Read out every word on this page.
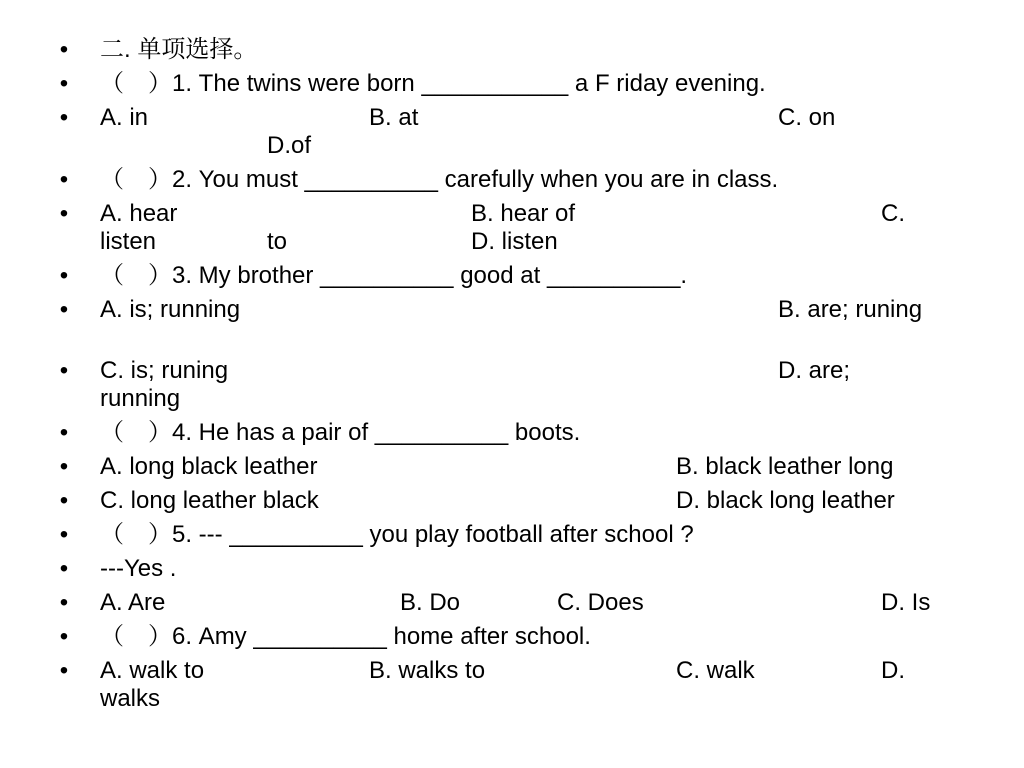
• 二. 单项选择。
• （　）1. The twins were born ___________ a F riday evening.
• A. in	B. at	C. on
D.of
• （　）2. You must __________ carefully when you are in class.
• A. hear	B. hear of	C.
listen	to	D. listen
• （　）3. My brother __________ good at __________.
• A. is; running	B. are; runing
• C. is; runing	D. are;
running
• （　）4. He has a pair of __________ boots.
• A. long black leather	B. black leather long
• C. long leather black	D. black long leather
• （　）5. --- __________ you play football after school ?
• ---Yes .
• A. Are	B. Do	C. Does	D. Is
• （　）6. Amy __________ home after school.
• A. walk to	B. walks to	C. walk	D.
walks
